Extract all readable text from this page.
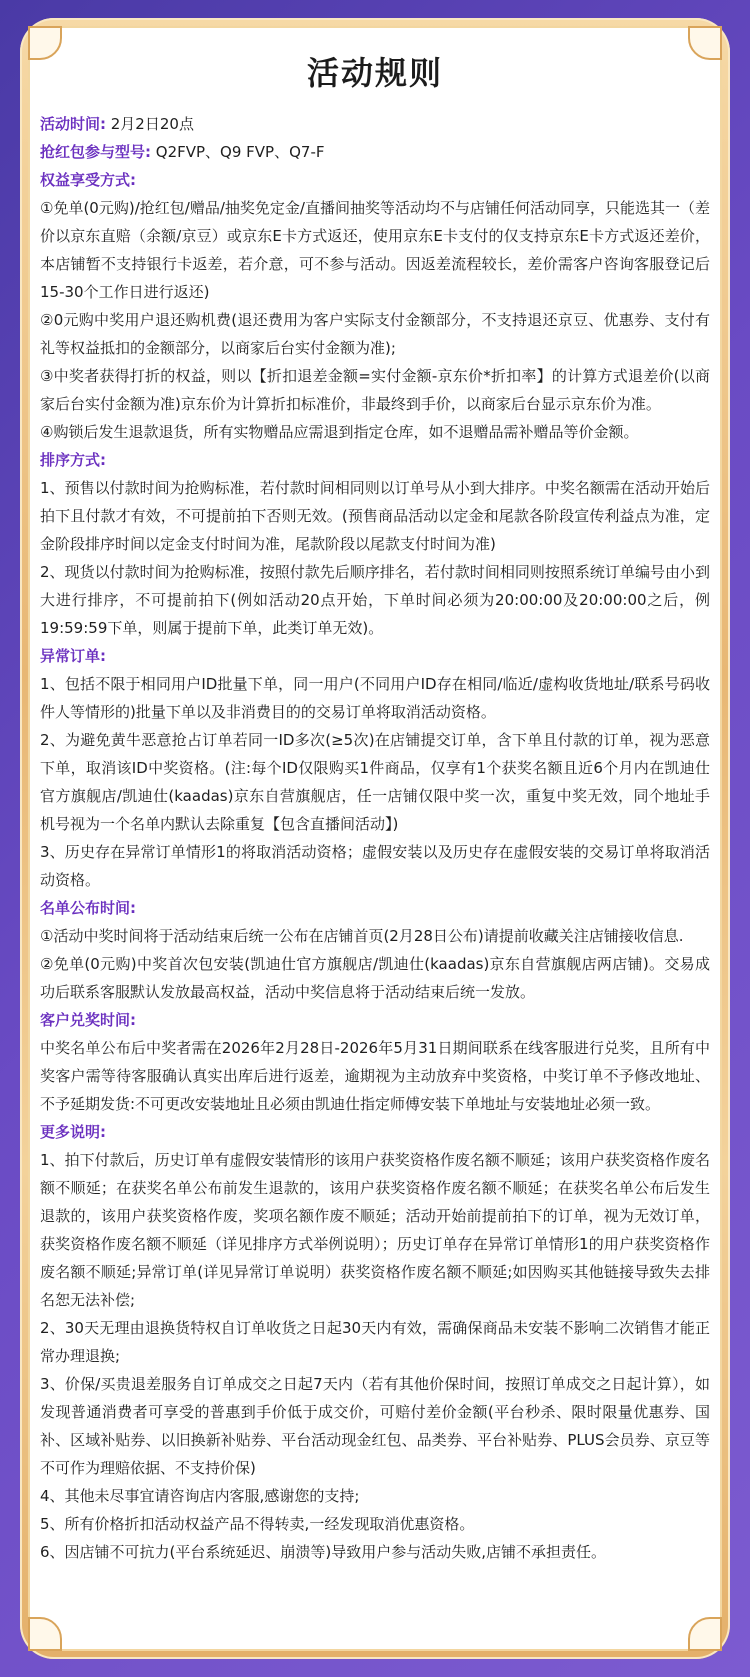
活动规则

活动时间: 2月2日20点

抢红包参与型号: Q2FVP、Q9 FVP、Q7-F

权益享受方式:

①免单(0元购)/抢红包/赠品/抽奖免定金/直播间抽奖等活动均不与店铺任何活动同享，只能选其一（差价以京东直赔（余额/京豆）或京东E卡方式返还，使用京东E卡支付的仅支持京东E卡方式返还差价，本店铺暂不支持银行卡返差，若介意，可不参与活动。因返差流程较长，差价需客户咨询客服登记后15-30个工作日进行返还)

②0元购中奖用户退还购机费(退还费用为客户实际支付金额部分，不支持退还京豆、优惠券、支付有礼等权益抵扣的金额部分，以商家后台实付金额为准);

③中奖者获得打折的权益，则以【折扣退差金额=实付金额-京东价*折扣率】的计算方式退差价(以商家后台实付金额为准)京东价为计算折扣标准价，非最终到手价，以商家后台显示京东价为准。

④购锁后发生退款退货，所有实物赠品应需退到指定仓库，如不退赠品需补赠品等价金额。

排序方式:

1、预售以付款时间为抢购标准，若付款时间相同则以订单号从小到大排序。中奖名额需在活动开始后拍下且付款才有效，不可提前拍下否则无效。(预售商品活动以定金和尾款各阶段宣传利益点为准，定金阶段排序时间以定金支付时间为准，尾款阶段以尾款支付时间为准)

2、现货以付款时间为抢购标准，按照付款先后顺序排名，若付款时间相同则按照系统订单编号由小到大进行排序，不可提前拍下(例如活动20点开始，下单时间必须为20:00:00及20:00:00之后，例19:59:59下单，则属于提前下单，此类订单无效)。

异常订单:

1、包括不限于相同用户ID批量下单，同一用户(不同用户ID存在相同/临近/虚构收货地址/联系号码收件人等情形的)批量下单以及非消费目的的交易订单将取消活动资格。

2、为避免黄牛恶意抢占订单若同一ID多次(≥5次)在店铺提交订单，含下单且付款的订单，视为恶意下单，取消该ID中奖资格。(注:每个ID仅限购买1件商品，仅享有1个获奖名额且近6个月内在凯迪仕官方旗舰店/凯迪仕(kaadas)京东自营旗舰店，任一店铺仅限中奖一次，重复中奖无效，同个地址手机号视为一个名单内默认去除重复【包含直播间活动】)

3、历史存在异常订单情形1的将取消活动资格；虚假安装以及历史存在虚假安装的交易订单将取消活动资格。

名单公布时间:

①活动中奖时间将于活动结束后统一公布在店铺首页(2月28日公布)请提前收藏关注店铺接收信息.

②免单(0元购)中奖首次包安装(凯迪仕官方旗舰店/凯迪仕(kaadas)京东自营旗舰店两店铺)。交易成功后联系客服默认发放最高权益，活动中奖信息将于活动结束后统一发放。

客户兑奖时间:

中奖名单公布后中奖者需在2026年2月28日-2026年5月31日期间联系在线客服进行兑奖，且所有中奖客户需等待客服确认真实出库后进行返差，逾期视为主动放弃中奖资格，中奖订单不予修改地址、不予延期发货:不可更改安装地址且必须由凯迪仕指定师傅安装下单地址与安装地址必须一致。

更多说明:

1、拍下付款后，历史订单有虚假安装情形的该用户获奖资格作废名额不顺延；该用户获奖资格作废名额不顺延；在获奖名单公布前发生退款的，该用户获奖资格作废名额不顺延；在获奖名单公布后发生退款的，该用户获奖资格作废，奖项名额作废不顺延；活动开始前提前拍下的订单，视为无效订单，获奖资格作废名额不顺延（详见排序方式举例说明）；历史订单存在异常订单情形1的用户获奖资格作废名额不顺延;异常订单(详见异常订单说明）获奖资格作废名额不顺延;如因购买其他链接导致失去排名恕无法补偿;

2、30天无理由退换货特权自订单收货之日起30天内有效，需确保商品未安装不影响二次销售才能正常办理退换;

3、价保/买贵退差服务自订单成交之日起7天内（若有其他价保时间，按照订单成交之日起计算），如发现普通消费者可享受的普惠到手价低于成交价，可赔付差价金额(平台秒杀、限时限量优惠券、国补、区域补贴券、以旧换新补贴券、平台活动现金红包、品类券、平台补贴券、PLUS会员券、京豆等不可作为理赔依据、不支持价保)

4、其他未尽事宜请咨询店内客服,感谢您的支持;

5、所有价格折扣活动权益产品不得转卖,一经发现取消优惠资格。

6、因店铺不可抗力(平台系统延迟、崩溃等)导致用户参与活动失败,店铺不承担责任。
